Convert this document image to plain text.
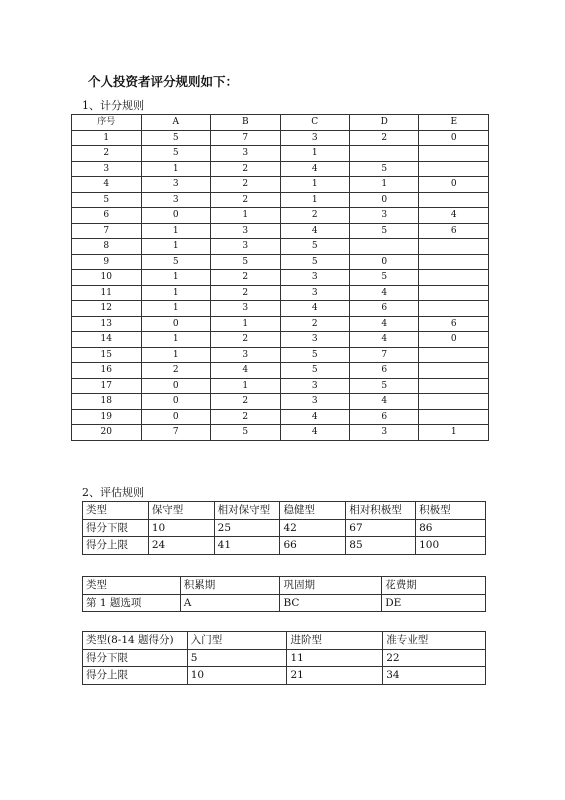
个人投资者评分规则如下：
1、计分规则
序号	A	B	C	D	E
1	5	7	3	2	0
2	5	3	1		
3	1	2	4	5	
4	3	2	1	1	0
5	3	2	1	0	
6	0	1	2	3	4
7	1	3	4	5	6
8	1	3	5		
9	5	5	5	0	
10	1	2	3	5	
11	1	2	3	4	
12	1	3	4	6	
13	0	1	2	4	6
14	1	2	3	4	0
15	1	3	5	7	
16	2	4	5	6	
17	0	1	3	5	
18	0	2	3	4	
19	0	2	4	6	
20	7	5	4	3	1
2、评估规则
类型	保守型	相对保守型	稳健型	相对积极型	积极型
得分下限	10	25	42	67	86
得分上限	24	41	66	85	100
类型	积累期	巩固期	花费期
第 1 题选项	A	BC	DE
类型(8-14 题得分)	入门型	进阶型	准专业型
得分下限	5	11	22
得分上限	10	21	34
